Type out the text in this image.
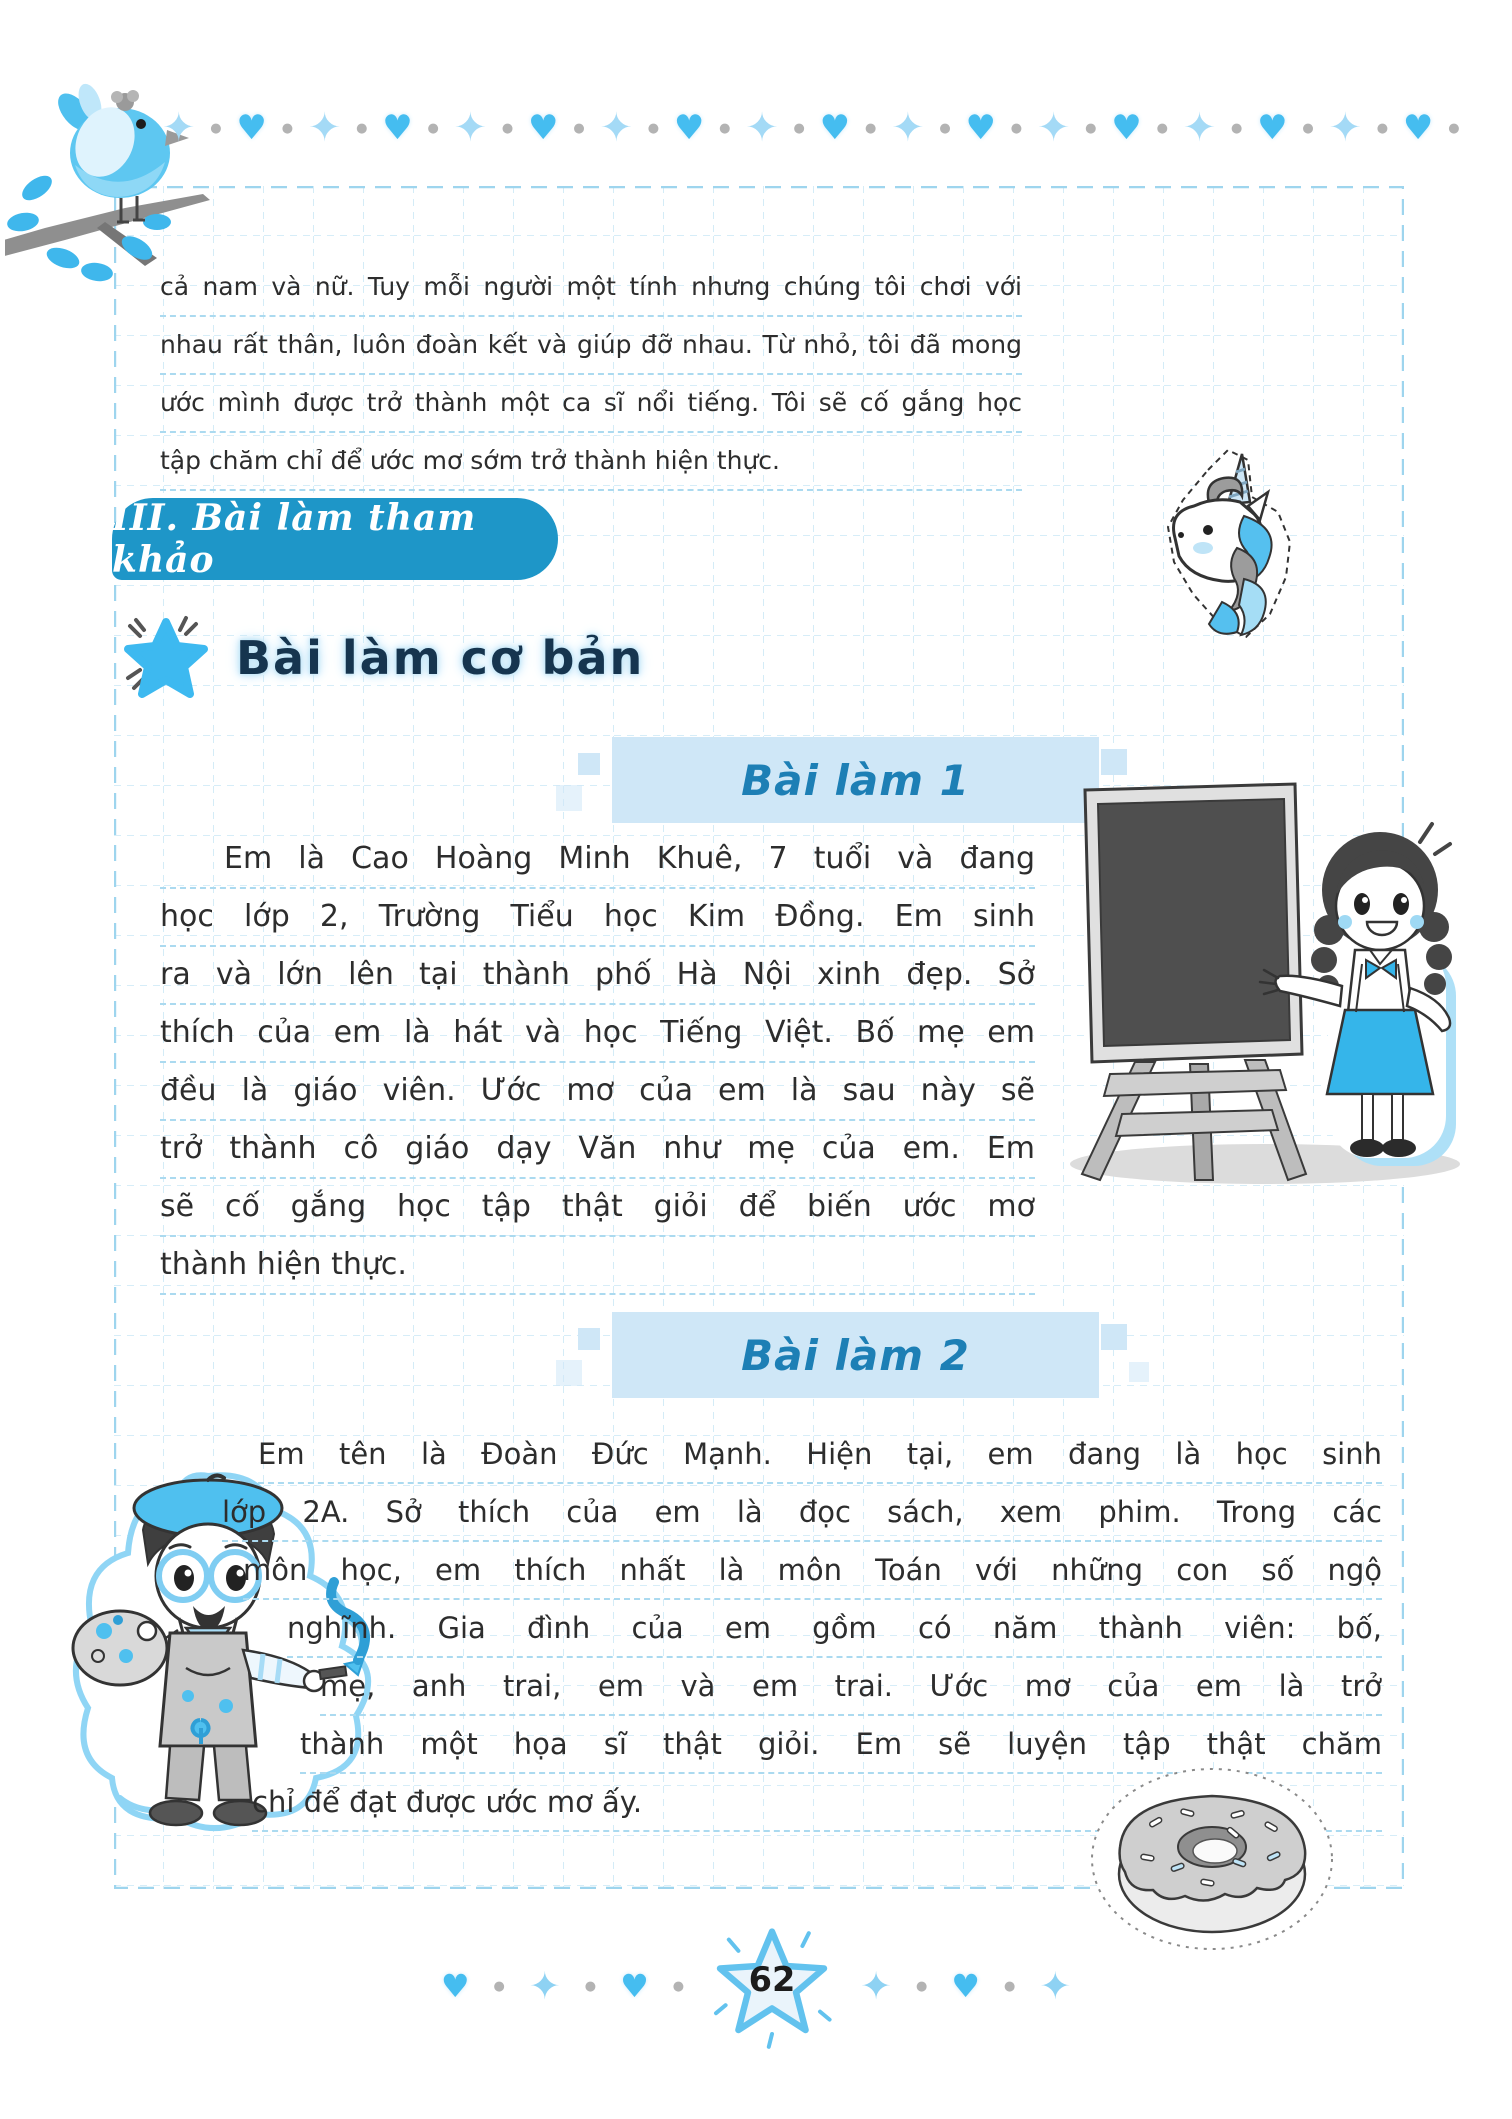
✦ ● ♥ ● ✦ ● ♥ ● ✦ ● ♥ ● ✦ ● ♥ ● ✦ ● ♥ ● ✦ ● ♥ ● ✦ ● ♥ ● ✦ ● ♥ ● ✦ ● ♥ ●
cả nam và nữ. Tuy mỗi người một tính nhưng chúng tôi chơi với
nhau rất thân, luôn đoàn kết và giúp đỡ nhau. Từ nhỏ, tôi đã mong
ước mình được trở thành một ca sĩ nổi tiếng. Tôi sẽ cố gắng học
tập chăm chỉ để ước mơ sớm trở thành hiện thực.
III. Bài làm tham khảo
Bài làm cơ bản
Bài làm 1
Em là Cao Hoàng Minh Khuê, 7 tuổi và đang
học lớp 2, Trường Tiểu học Kim Đồng. Em sinh
ra và lớn lên tại thành phố Hà Nội xinh đẹp. Sở
thích của em là hát và học Tiếng Việt. Bố mẹ em
đều là giáo viên. Ước mơ của em là sau này sẽ
trở thành cô giáo dạy Văn như mẹ của em. Em
sẽ cố gắng học tập thật giỏi để biến ước mơ
thành hiện thực.
Bài làm 2
Em tên là Đoàn Đức Mạnh. Hiện tại, em đang là học sinh
lớp 2A. Sở thích của em là đọc sách, xem phim. Trong các
môn học, em thích nhất là môn Toán với những con số ngộ
nghĩnh. Gia đình của em gồm có năm thành viên: bố,
mẹ, anh trai, em và em trai. Ước mơ của em là trở
thành một họa sĩ thật giỏi. Em sẽ luyện tập thật chăm
chỉ để đạt được ước mơ ấy.
♥ ● ✦ ● ♥ ● 62 ✦ ● ♥ ● ✦
